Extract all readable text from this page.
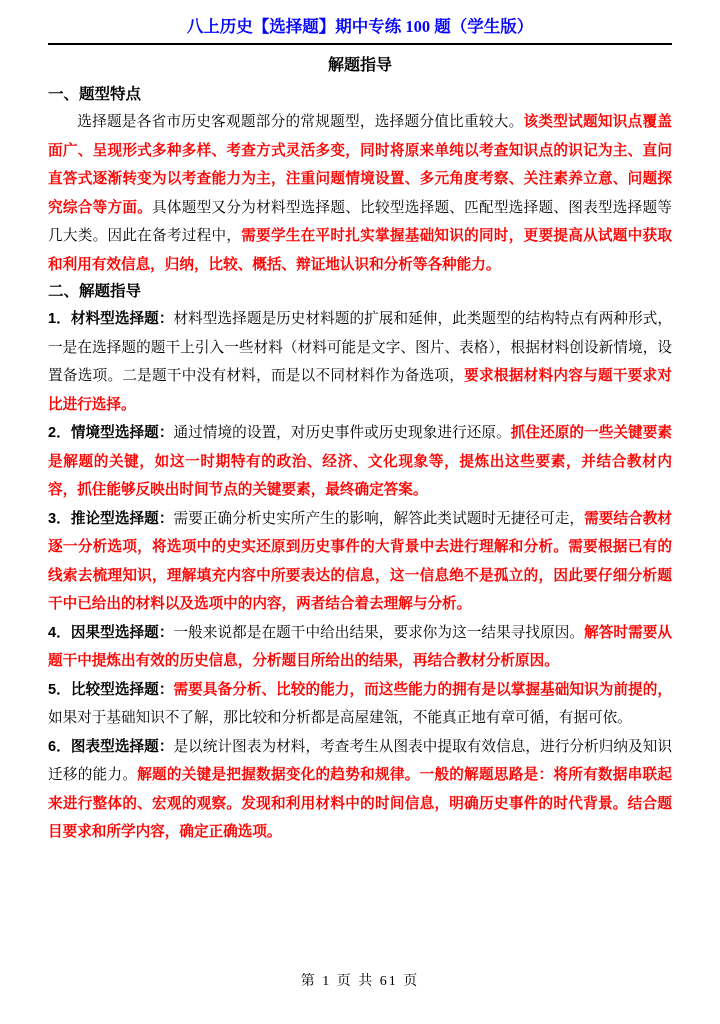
八上历史【选择题】期中专练 100 题（学生版）
解题指导
一、题型特点

选择题是各省市历史客观题部分的常规题型，选择题分值比重较大。该类型试题知识点覆盖面广、呈现形式多种多样、考查方式灵活多变，同时将原来单纯以考查知识点的识记为主、直问直答式逐渐转变为以考查能力为主，注重问题情境设置、多元角度考察、关注素养立意、问题探究综合等方面。具体题型又分为材料型选择题、比较型选择题、匹配型选择题、图表型选择题等几大类。因此在备考过程中，需要学生在平时扎实掌握基础知识的同时，更要提高从试题中获取和利用有效信息，归纳，比较、概括、辩证地认识和分析等各种能力。

二、解题指导

1．材料型选择题：材料型选择题是历史材料题的扩展和延伸，此类题型的结构特点有两种形式，一是在选择题的题干上引入一些材料（材料可能是文字、图片、表格），根据材料创设新情境，设置备选项。二是题干中没有材料，而是以不同材料作为备选项，要求根据材料内容与题干要求对比进行选择。

2．情境型选择题：通过情境的设置，对历史事件或历史现象进行还原。抓住还原的一些关键要素是解题的关键，如这一时期特有的政治、经济、文化现象等，提炼出这些要素，并结合教材内容，抓住能够反映出时间节点的关键要素，最终确定答案。

3．推论型选择题：需要正确分析史实所产生的影响，解答此类试题时无捷径可走，需要结合教材逐一分析选项，将选项中的史实还原到历史事件的大背景中去进行理解和分析。需要根据已有的线索去梳理知识，理解填充内容中所要表达的信息，这一信息绝不是孤立的，因此要仔细分析题干中已给出的材料以及选项中的内容，两者结合着去理解与分析。

4．因果型选择题：一般来说都是在题干中给出结果，要求你为这一结果寻找原因。解答时需要从题干中提炼出有效的历史信息，分析题目所给出的结果，再结合教材分析原因。

5．比较型选择题：需要具备分析、比较的能力，而这些能力的拥有是以掌握基础知识为前提的，如果对于基础知识不了解，那比较和分析都是高屋建瓴，不能真正地有章可循，有据可依。

6．图表型选择题：是以统计图表为材料，考查考生从图表中提取有效信息，进行分析归纳及知识迁移的能力。解题的关键是把握数据变化的趋势和规律。一般的解题思路是：将所有数据串联起来进行整体的、宏观的观察。发现和利用材料中的时间信息，明确历史事件的时代背景。结合题目要求和所学内容，确定正确选项。

第 1 页 共 61 页
